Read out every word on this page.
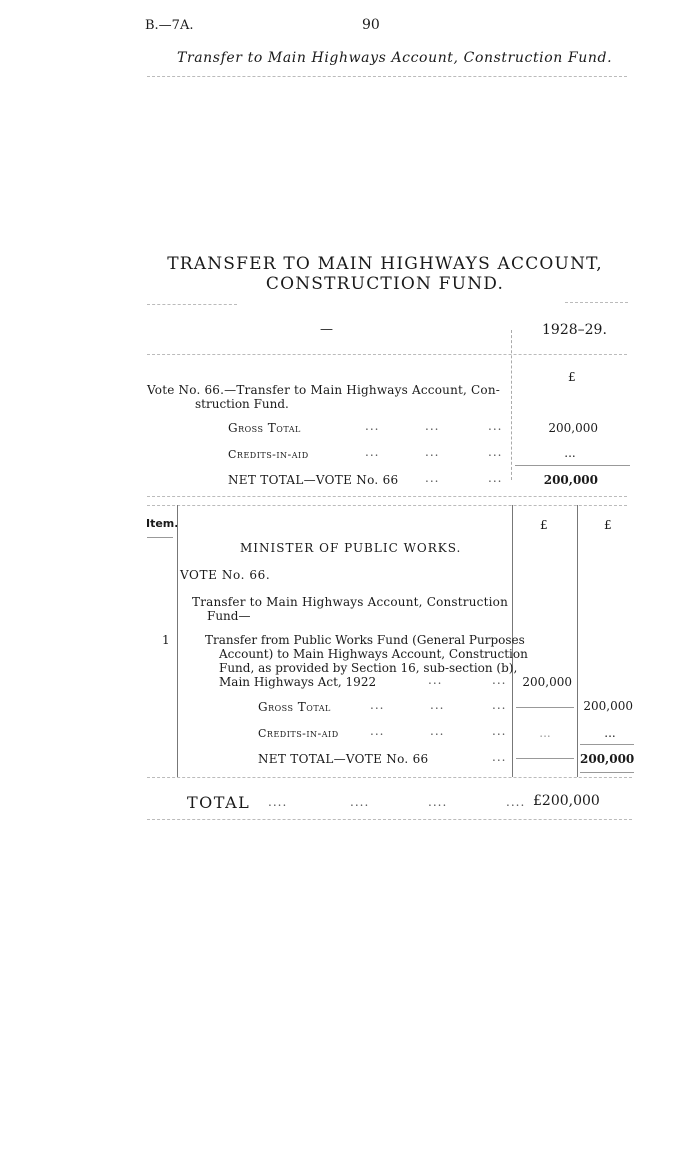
B.—7A.	90
Transfer to Main Highways Account, Construction Fund.
TRANSFER TO MAIN HIGHWAYS ACCOUNT,
CONSTRUCTION FUND.
—	1928–29.
£
Vote No. 66.—Transfer to Main Highways Account, Con-
struction Fund.
Gross Total	...	...	...	200,000
Credits-in-aid	...	...	...	...
NET TOTAL—VOTE No. 66 ...	...	200,000
Item.	£	£
MINISTER OF PUBLIC WORKS.
VOTE No. 66.
Transfer to Main Highways Account, Construction
Fund—
1	Transfer from Public Works Fund (General Purposes
Account) to Main Highways Account, Construction
Fund, as provided by Section 16, sub-section (b),
Main Highways Act, 1922	...	...	200,000
Gross Total	...	...	...	200,000
Credits-in-aid	...	...	...	...	...
NET TOTAL—VOTE No. 66	...	200,000
TOTAL ....	....	....	.... £200,000
